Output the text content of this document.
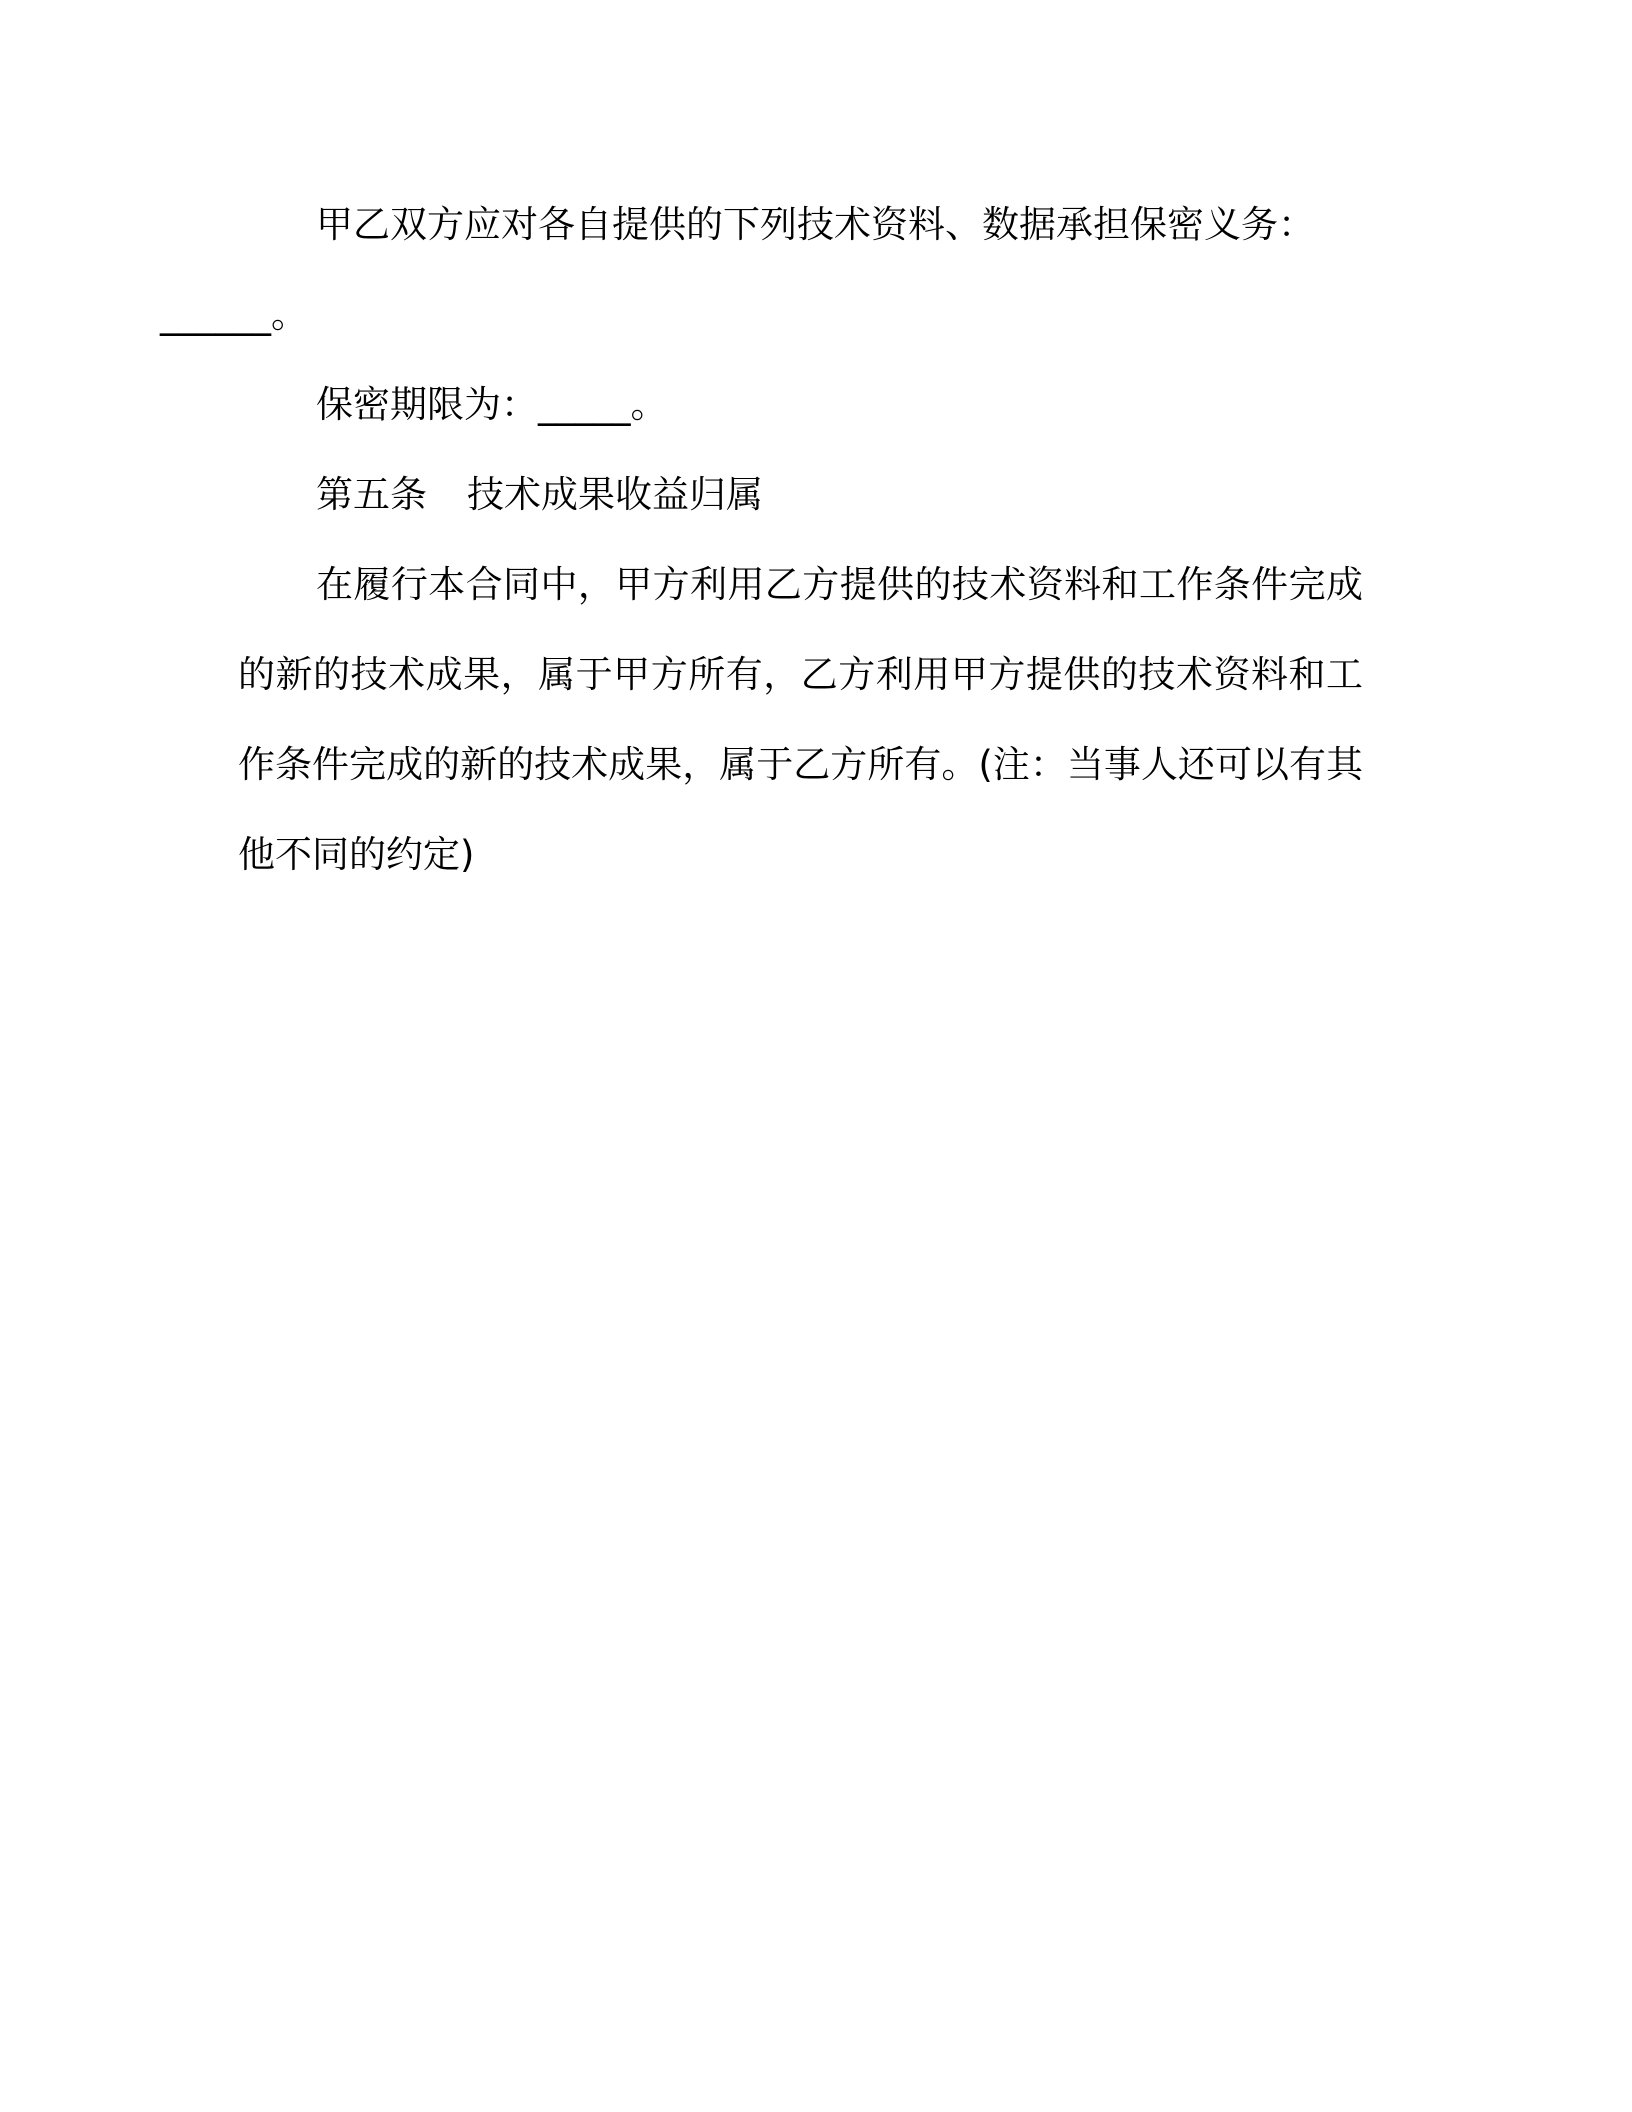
甲乙双方应对各自提供的下列技术资料、数据承担保密义务：
______。

保密期限为：_____。

第五条 技术成果收益归属

在履行本合同中，甲方利用乙方提供的技术资料和工作条件完成的新的技术成果，属于甲方所有，乙方利用甲方提供的技术资料和工作条件完成的新的技术成果，属于乙方所有。(注：当事人还可以有其他不同的约定)
